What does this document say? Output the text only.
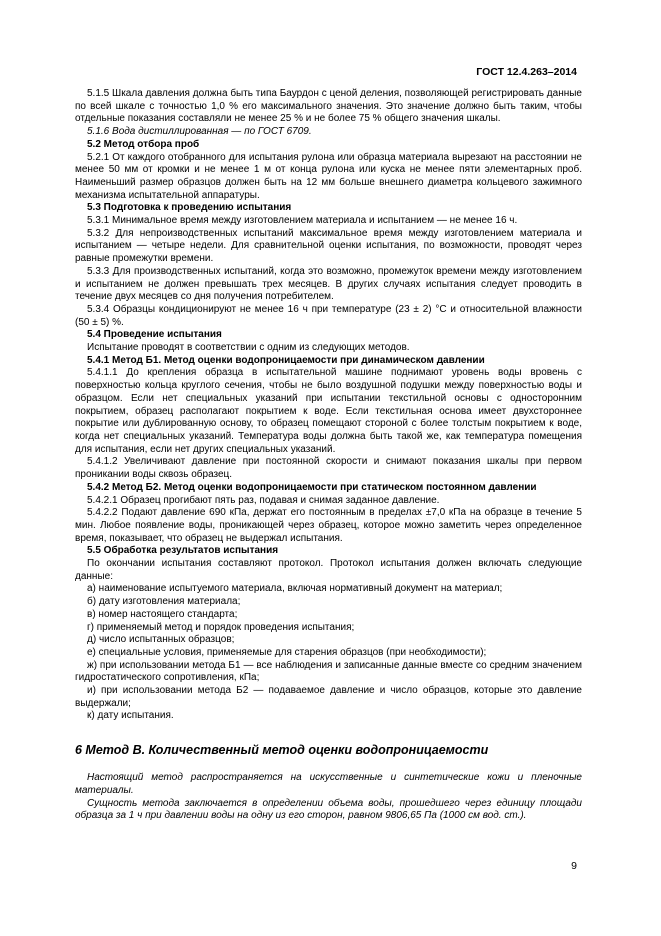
ГОСТ 12.4.263–2014

5.1.5 Шкала давления должна быть типа Баурдон с ценой деления, позволяющей регистрировать данные по всей шкале с точностью 1,0 % его максимального значения. Это значение должно быть таким, чтобы отдельные показания составляли не менее 25 % и не более 75 % общего значения шкалы.

5.1.6 Вода дистиллированная — по ГОСТ 6709.

5.2 Метод отбора проб

5.2.1 От каждого отобранного для испытания рулона или образца материала вырезают на расстоянии не менее 50 мм от кромки и не менее 1 м от конца рулона или куска не менее пяти элементарных проб. Наименьший размер образцов должен быть на 12 мм больше внешнего диаметра кольцевого зажимного механизма испытательной аппаратуры.

5.3 Подготовка к проведению испытания

5.3.1 Минимальное время между изготовлением материала и испытанием — не менее 16 ч.

5.3.2 Для непроизводственных испытаний максимальное время между изготовлением материала и испытанием — четыре недели. Для сравнительной оценки испытания, по возможности, проводят через равные промежутки времени.

5.3.3 Для производственных испытаний, когда это возможно, промежуток времени между изготовлением и испытанием не должен превышать трех месяцев. В других случаях испытания следует проводить в течение двух месяцев со дня получения потребителем.

5.3.4 Образцы кондиционируют не менее 16 ч при температуре (23 ± 2) °С и относительной влажности (50 ± 5) %.

5.4 Проведение испытания

Испытание проводят в соответствии с одним из следующих методов.

5.4.1 Метод Б1. Метод оценки водопроницаемости при динамическом давлении

5.4.1.1 До крепления образца в испытательной машине поднимают уровень воды вровень с поверхностью кольца круглого сечения, чтобы не было воздушной подушки между поверхностью воды и образцом. Если нет специальных указаний при испытании текстильной основы с односторонним покрытием, образец располагают покрытием к воде. Если текстильная основа имеет двухстороннее покрытие или дублированную основу, то образец помещают стороной с более толстым покрытием к воде, когда нет специальных указаний. Температура воды должна быть такой же, как температура помещения для испытания, если нет других специальных указаний.

5.4.1.2 Увеличивают давление при постоянной скорости и снимают показания шкалы при первом проникании воды сквозь образец.

5.4.2 Метод Б2. Метод оценки водопроницаемости при статическом постоянном давлении

5.4.2.1 Образец прогибают пять раз, подавая и снимая заданное давление.

5.4.2.2 Подают давление 690 кПа, держат его постоянным в пределах ±7,0 кПа на образце в течение 5 мин. Любое появление воды, проникающей через образец, которое можно заметить через определенное время, показывает, что образец не выдержал испытания.

5.5 Обработка результатов испытания

По окончании испытания составляют протокол. Протокол испытания должен включать следующие данные:

а) наименование испытуемого материала, включая нормативный документ на материал;

б) дату изготовления материала;

в) номер настоящего стандарта;

г) применяемый метод и порядок проведения испытания;

д) число испытанных образцов;

е) специальные условия, применяемые для старения образцов (при необходимости);

ж) при использовании метода Б1 — все наблюдения и записанные данные вместе со средним значением гидростатического сопротивления, кПа;

и) при использовании метода Б2 — подаваемое давление и число образцов, которые это давление выдержали;

к) дату испытания.

6 Метод В. Количественный метод оценки водопроницаемости

Настоящий метод распространяется на искусственные и синтетические кожи и пленочные материалы.

Сущность метода заключается в определении объема воды, прошедшего через единицу площади образца за 1 ч при давлении воды на одну из его сторон, равном 9806,65 Па (1000 см вод. ст.).

9
